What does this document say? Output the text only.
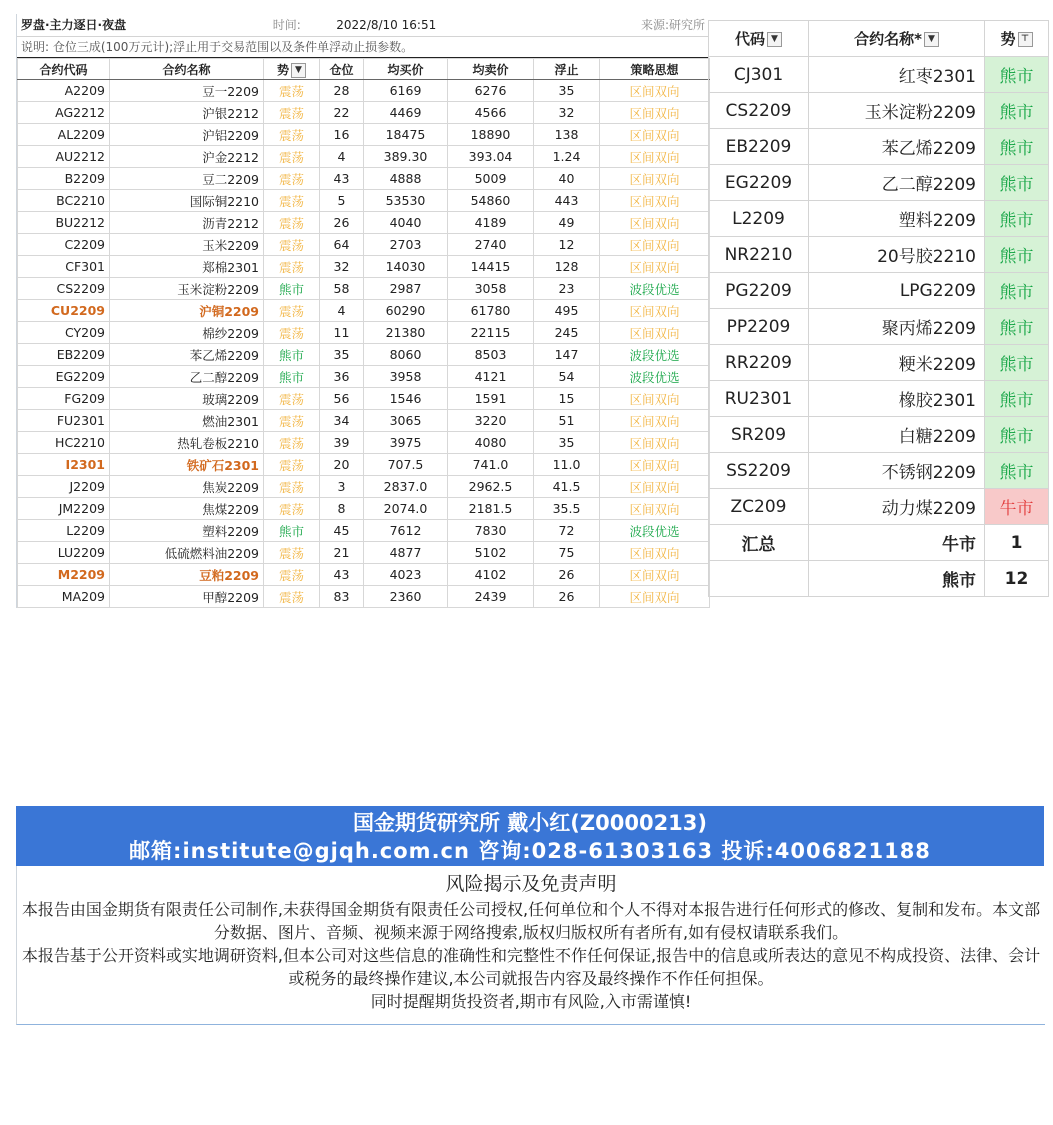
罗盘·主力逐日·夜盘	时间:	2022/8/10 16:51	来源:研究所
说明: 仓位三成(100万元计);浮止用于交易范围以及条件单浮动止损参数。
合约代码	合约名称	势 ▼	仓位	均买价	均卖价	浮止	策略思想
A2209	豆一2209	震荡	28	6169	6276	35	区间双向
AG2212	沪银2212	震荡	22	4469	4566	32	区间双向
AL2209	沪铝2209	震荡	16	18475	18890	138	区间双向
AU2212	沪金2212	震荡	4	389.30	393.04	1.24	区间双向
B2209	豆二2209	震荡	43	4888	5009	40	区间双向
BC2210	国际铜2210	震荡	5	53530	54860	443	区间双向
BU2212	沥青2212	震荡	26	4040	4189	49	区间双向
C2209	玉米2209	震荡	64	2703	2740	12	区间双向
CF301	郑棉2301	震荡	32	14030	14415	128	区间双向
CS2209	玉米淀粉2209	熊市	58	2987	3058	23	波段优选
CU2209	沪铜2209	震荡	4	60290	61780	495	区间双向
CY209	棉纱2209	震荡	11	21380	22115	245	区间双向
EB2209	苯乙烯2209	熊市	35	8060	8503	147	波段优选
EG2209	乙二醇2209	熊市	36	3958	4121	54	波段优选
FG209	玻璃2209	震荡	56	1546	1591	15	区间双向
FU2301	燃油2301	震荡	34	3065	3220	51	区间双向
HC2210	热轧卷板2210	震荡	39	3975	4080	35	区间双向
I2301	铁矿石2301	震荡	20	707.5	741.0	11.0	区间双向
J2209	焦炭2209	震荡	3	2837.0	2962.5	41.5	区间双向
JM2209	焦煤2209	震荡	8	2074.0	2181.5	35.5	区间双向
L2209	塑料2209	熊市	45	7612	7830	72	波段优选
LU2209	低硫燃料油2209	震荡	21	4877	5102	75	区间双向
M2209	豆粕2209	震荡	43	4023	4102	26	区间双向
MA209	甲醇2209	震荡	83	2360	2439	26	区间双向
代码 ▼	合约名称* ▼	势 ⊤
CJ301	红枣2301	熊市
CS2209	玉米淀粉2209	熊市
EB2209	苯乙烯2209	熊市
EG2209	乙二醇2209	熊市
L2209	塑料2209	熊市
NR2210	20号胶2210	熊市
PG2209	LPG2209	熊市
PP2209	聚丙烯2209	熊市
RR2209	粳米2209	熊市
RU2301	橡胶2301	熊市
SR209	白糖2209	熊市
SS2209	不锈钢2209	熊市
ZC209	动力煤2209	牛市
汇总	牛市	1
	熊市	12
国金期货研究所 戴小红(Z0000213)
邮箱:institute@gjqh.com.cn 咨询:028-61303163 投诉:4006821188
风险揭示及免责声明
本报告由国金期货有限责任公司制作,未获得国金期货有限责任公司授权,任何单位和个人不得对本报告进行任何形式的修改、复制和发布。本文部分数据、图片、音频、视频来源于网络搜索,版权归版权所有者所有,如有侵权请联系我们。
本报告基于公开资料或实地调研资料,但本公司对这些信息的准确性和完整性不作任何保证,报告中的信息或所表达的意见不构成投资、法律、会计或税务的最终操作建议,本公司就报告内容及最终操作不作任何担保。
同时提醒期货投资者,期市有风险,入市需谨慎!
